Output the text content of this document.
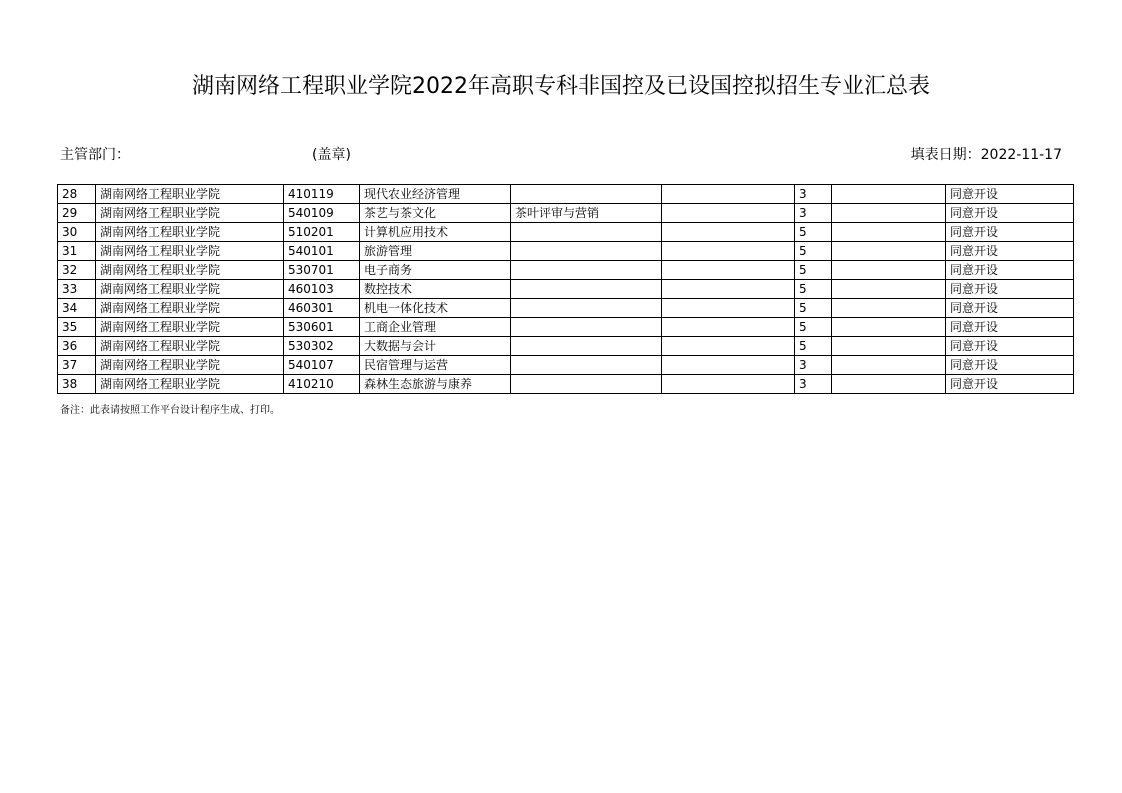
湖南网络工程职业学院2022年高职专科非国控及已设国控拟招生专业汇总表
主管部门：	(盖章)	填表日期：2022-11-17
28	湖南网络工程职业学院	410119	现代农业经济管理			3		同意开设
29	湖南网络工程职业学院	540109	茶艺与茶文化	茶叶评审与营销		3		同意开设
30	湖南网络工程职业学院	510201	计算机应用技术			5		同意开设
31	湖南网络工程职业学院	540101	旅游管理			5		同意开设
32	湖南网络工程职业学院	530701	电子商务			5		同意开设
33	湖南网络工程职业学院	460103	数控技术			5		同意开设
34	湖南网络工程职业学院	460301	机电一体化技术			5		同意开设
35	湖南网络工程职业学院	530601	工商企业管理			5		同意开设
36	湖南网络工程职业学院	530302	大数据与会计			5		同意开设
37	湖南网络工程职业学院	540107	民宿管理与运营			3		同意开设
38	湖南网络工程职业学院	410210	森林生态旅游与康养			3		同意开设
备注：此表请按照工作平台设计程序生成、打印。
